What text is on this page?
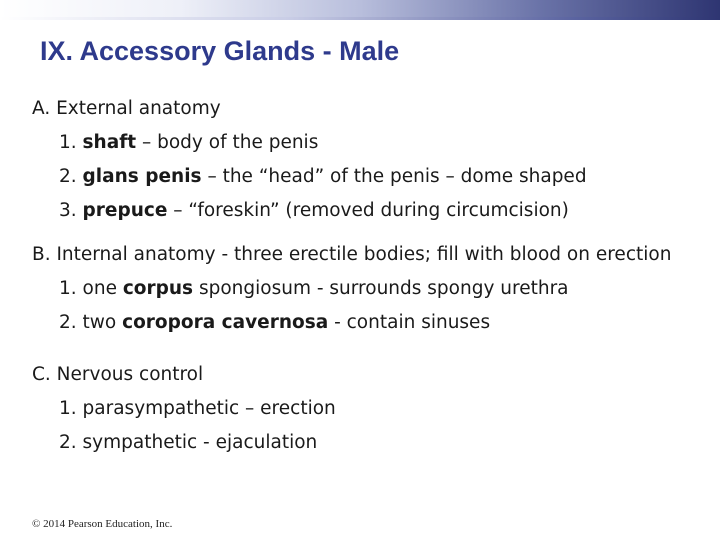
IX. Accessory Glands - Male
A. External anatomy
1. shaft – body of the penis
2. glans penis – the “head” of the penis – dome shaped
3. prepuce – “foreskin” (removed during circumcision)
B. Internal anatomy - three erectile bodies; fill with blood on erection
1. one corpus spongiosum - surrounds spongy urethra
2. two coropora cavernosa - contain sinuses
C. Nervous control
1. parasympathetic – erection
2. sympathetic - ejaculation
© 2014 Pearson Education, Inc.
